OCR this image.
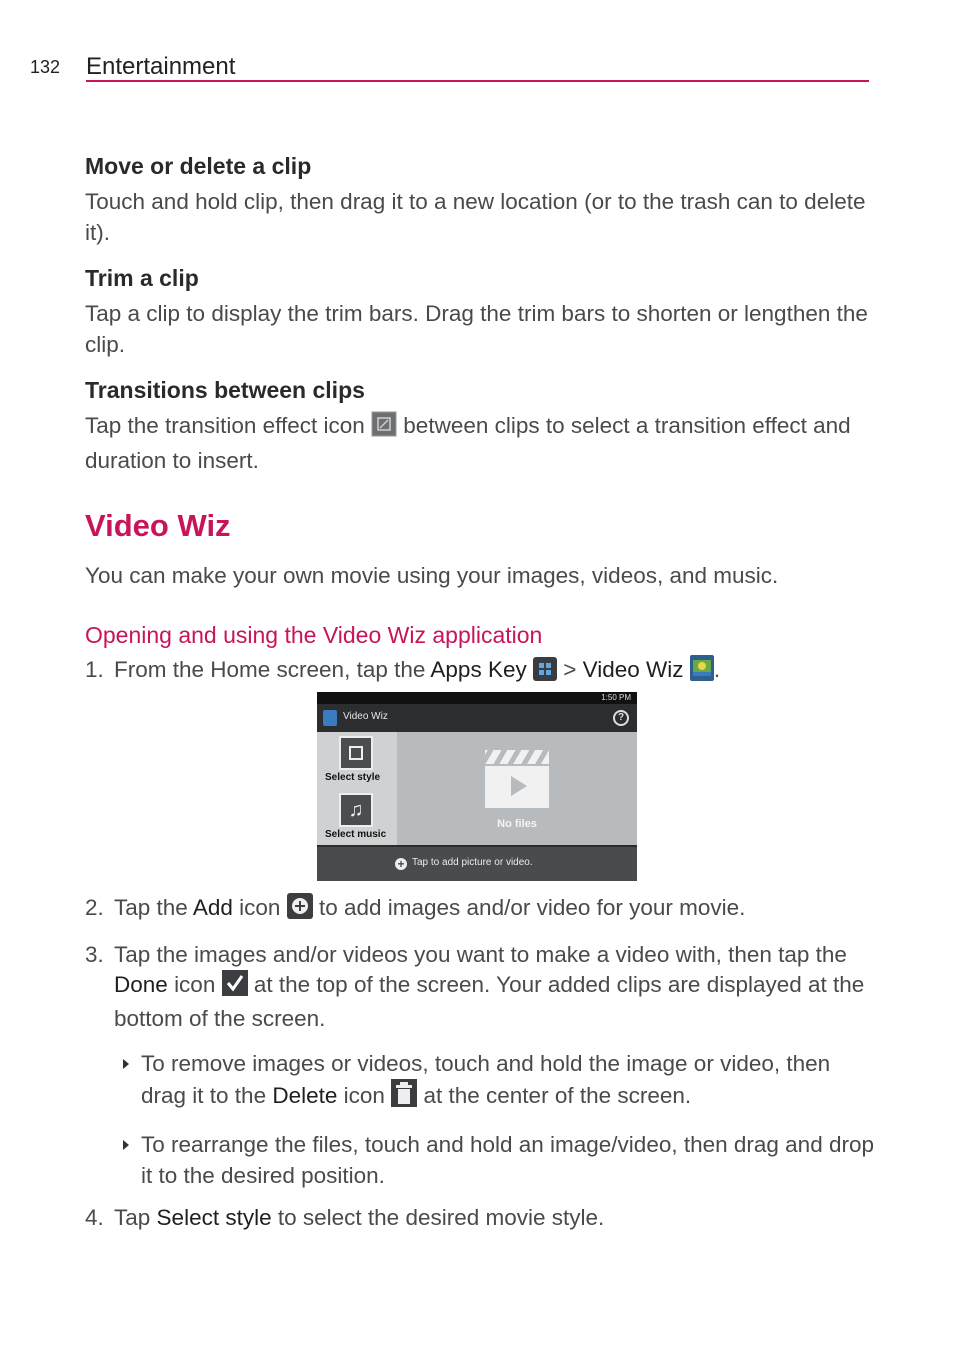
132 Entertainment
Move or delete a clip
Touch and hold clip, then drag it to a new location (or to the trash can to delete it).
Trim a clip
Tap a clip to display the trim bars. Drag the trim bars to shorten or lengthen the clip.
Transitions between clips
Tap the transition effect icon between clips to select a transition effect and duration to insert.
Video Wiz
You can make your own movie using your images, videos, and music.
Opening and using the Video Wiz application
1. From the Home screen, tap the Apps Key > Video Wiz .
1:50 PM
Video Wiz	?
Select style
♫
Select music
No files
+ Tap to add picture or video.
2. Tap the Add icon to add images and/or video for your movie.
3. Tap the images and/or videos you want to make a video with, then tap the Done icon at the top of the screen. Your added clips are displayed at the bottom of the screen.
To remove images or videos, touch and hold the image or video, then drag it to the Delete icon at the center of the screen.
To rearrange the files, touch and hold an image/video, then drag and drop it to the desired position.
4. Tap Select style to select the desired movie style.
